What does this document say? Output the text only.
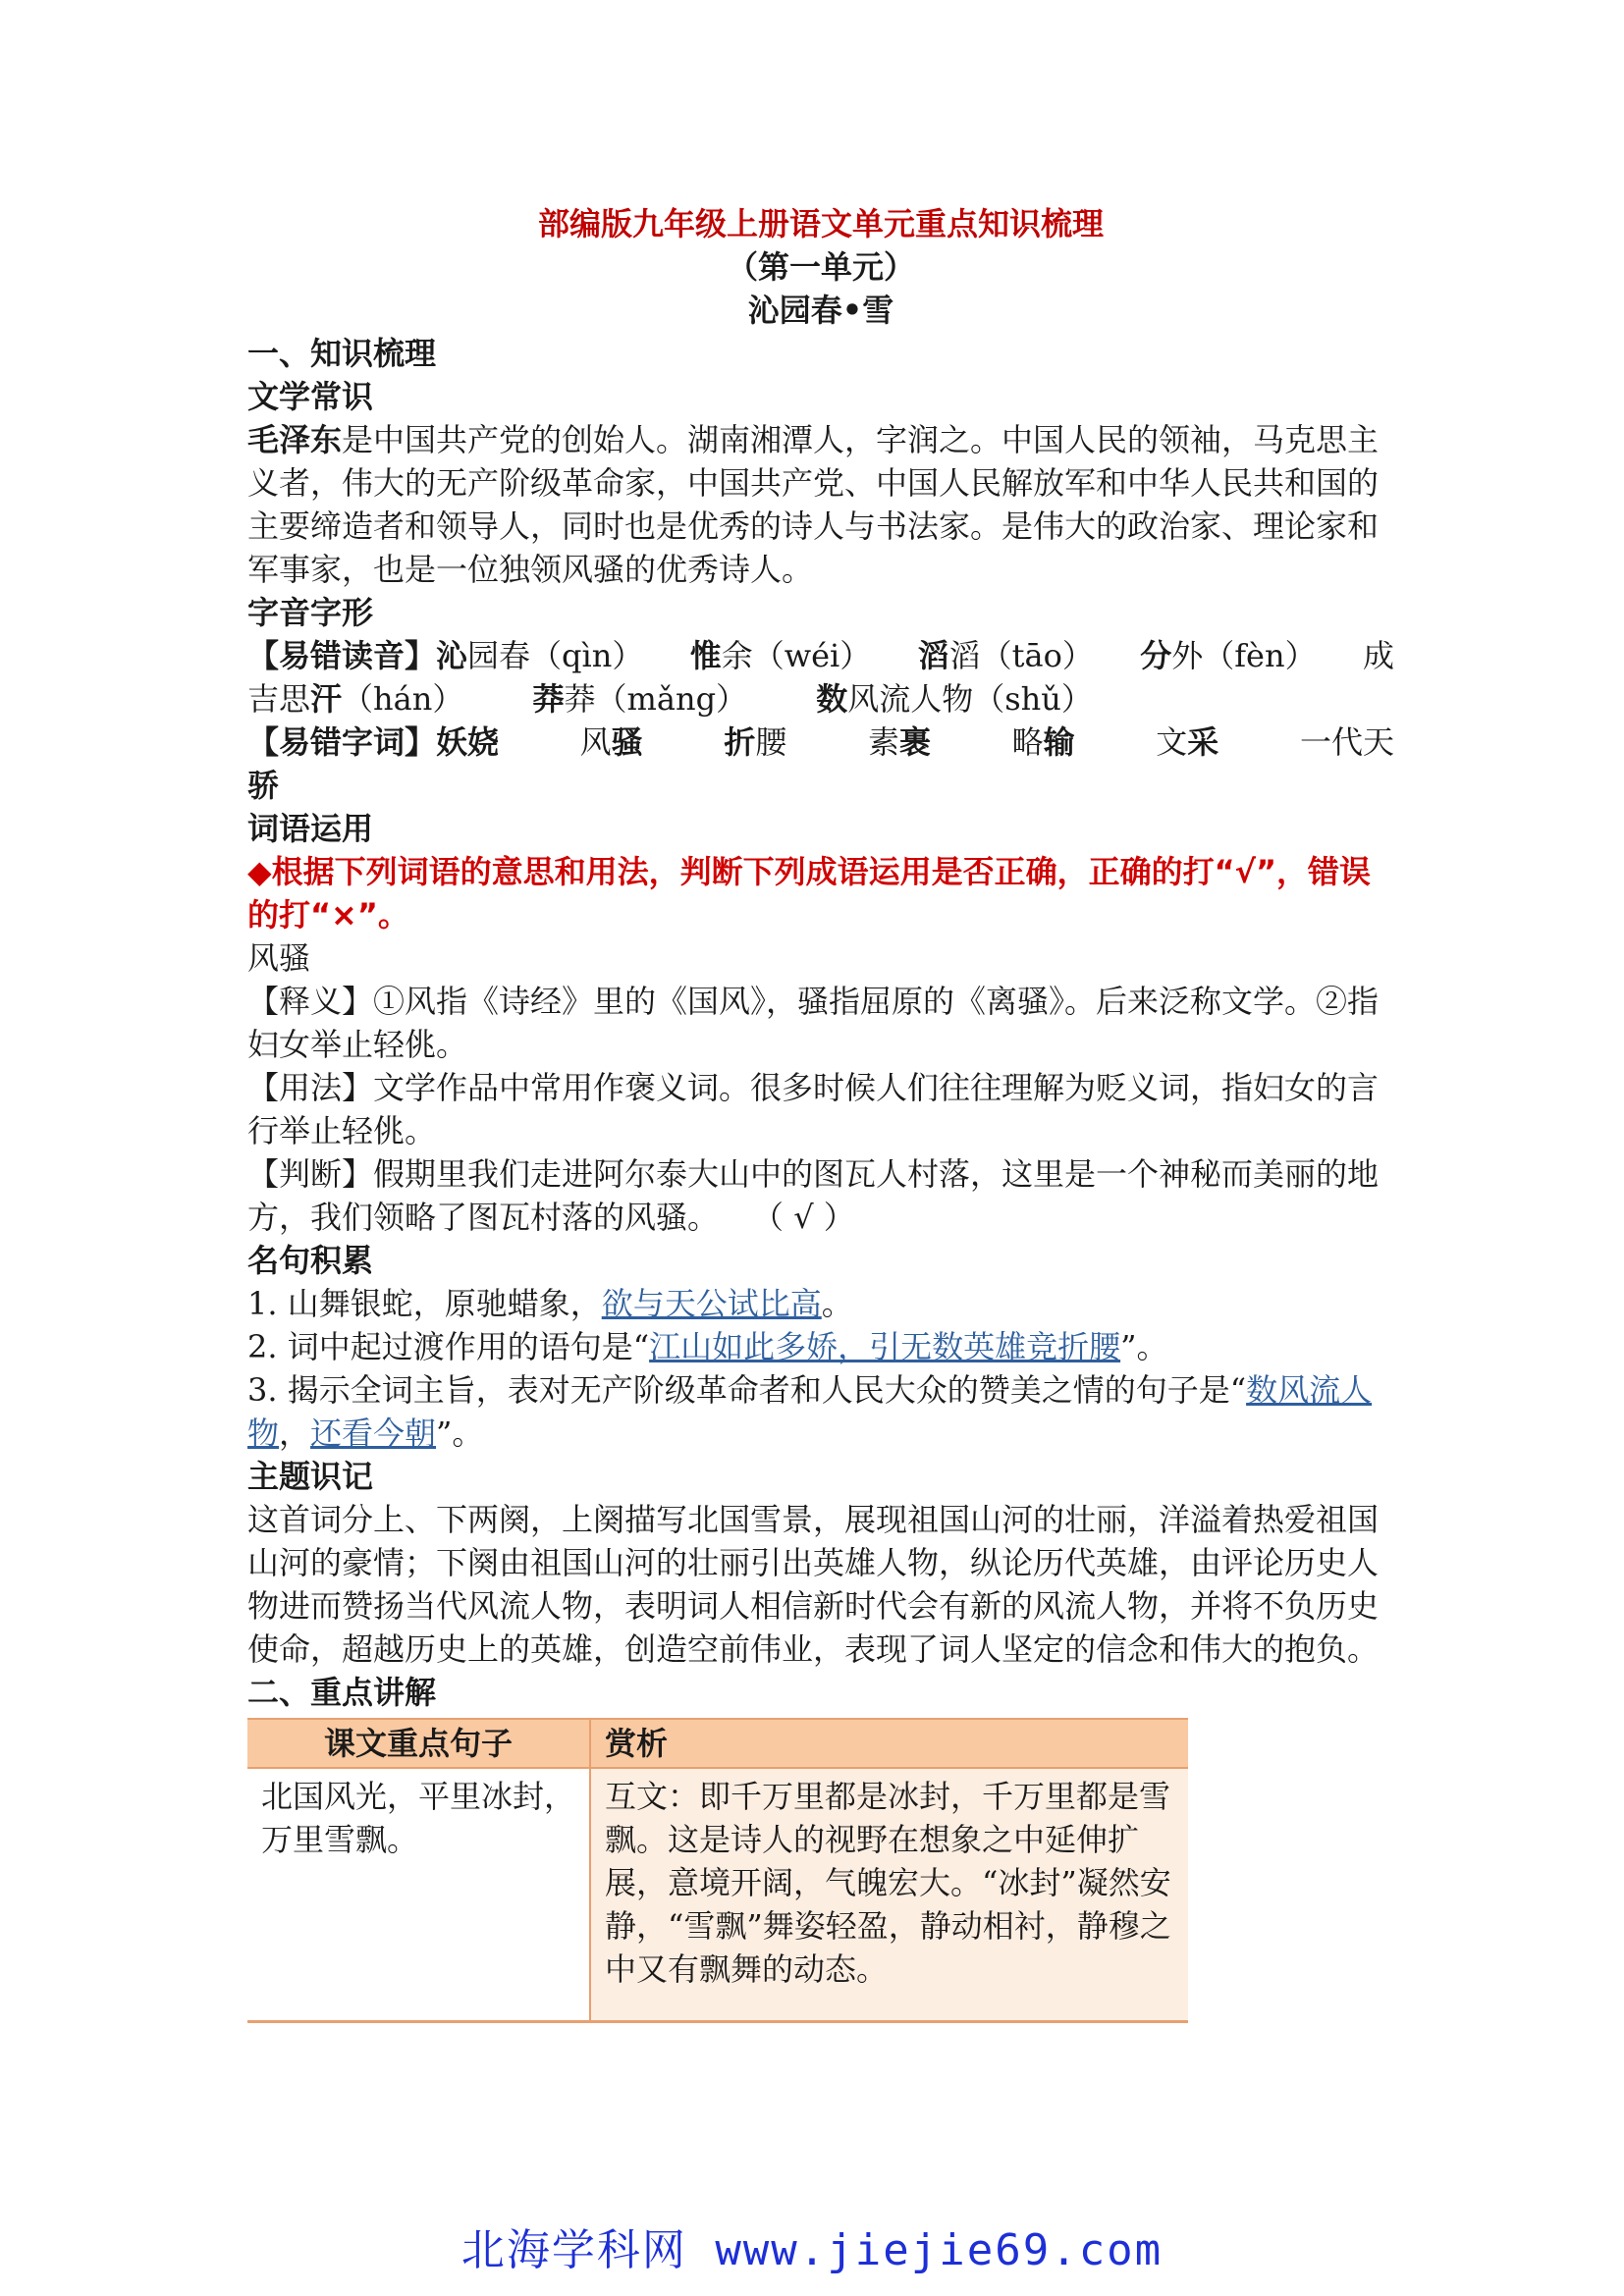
部编版九年级上册语文单元重点知识梳理

（第一单元）

沁园春•雪

一、知识梳理

文学常识

毛泽东是中国共产党的创始人。湖南湘潭人，字润之。中国人民的领袖，马克思主义者，伟大的无产阶级革命家，中国共产党、中国人民解放军和中华人民共和国的主要缔造者和领导人，同时也是优秀的诗人与书法家。是伟大的政治家、理论家和军事家，也是一位独领风骚的优秀诗人。

字音字形

【易错读音】沁园春（qìn） 惟余（wéi） 滔滔（tāo） 分外（fèn） 成
吉思汗（hán） 莽莽（mǎng） 数风流人物（shǔ）
【易错字词】妖娆	风骚	折腰	素裹	略输	文采	一代天

骄

词语运用

◆根据下列词语的意思和用法，判断下列成语运用是否正确，正确的打“√”，错误的打“×”。

风骚

【释义】①风指《诗经》里的《国风》，骚指屈原的《离骚》。后来泛称文学。②指妇女举止轻佻。

【用法】文学作品中常用作褒义词。很多时候人们往往理解为贬义词，指妇女的言行举止轻佻。

【判断】假期里我们走进阿尔泰大山中的图瓦人村落，这里是一个神秘而美丽的地方，我们领略了图瓦村落的风骚。 （ √ ）

名句积累

1. 山舞银蛇，原驰蜡象，欲与天公试比高。

2. 词中起过渡作用的语句是“江山如此多娇，引无数英雄竞折腰”。

3. 揭示全词主旨，表对无产阶级革命者和人民大众的赞美之情的句子是“数风流人物，还看今朝”。

主题识记

这首词分上、下两阕，上阕描写北国雪景，展现祖国山河的壮丽，洋溢着热爱祖国山河的豪情；下阕由祖国山河的壮丽引出英雄人物，纵论历代英雄，由评论历史人物进而赞扬当代风流人物，表明词人相信新时代会有新的风流人物，并将不负历史使命，超越历史上的英雄，创造空前伟业，表现了词人坚定的信念和伟大的抱负。

二、重点讲解

课文重点句子	赏析
北国风光，平里冰封，万里雪飘。	互文：即千万里都是冰封，千万里都是雪飘。这是诗人的视野在想象之中延伸扩展，意境开阔，气魄宏大。“冰封”凝然安静，“雪飘”舞姿轻盈，静动相衬，静穆之中又有飘舞的动态。
北海学科网 www.jiejie69.com
